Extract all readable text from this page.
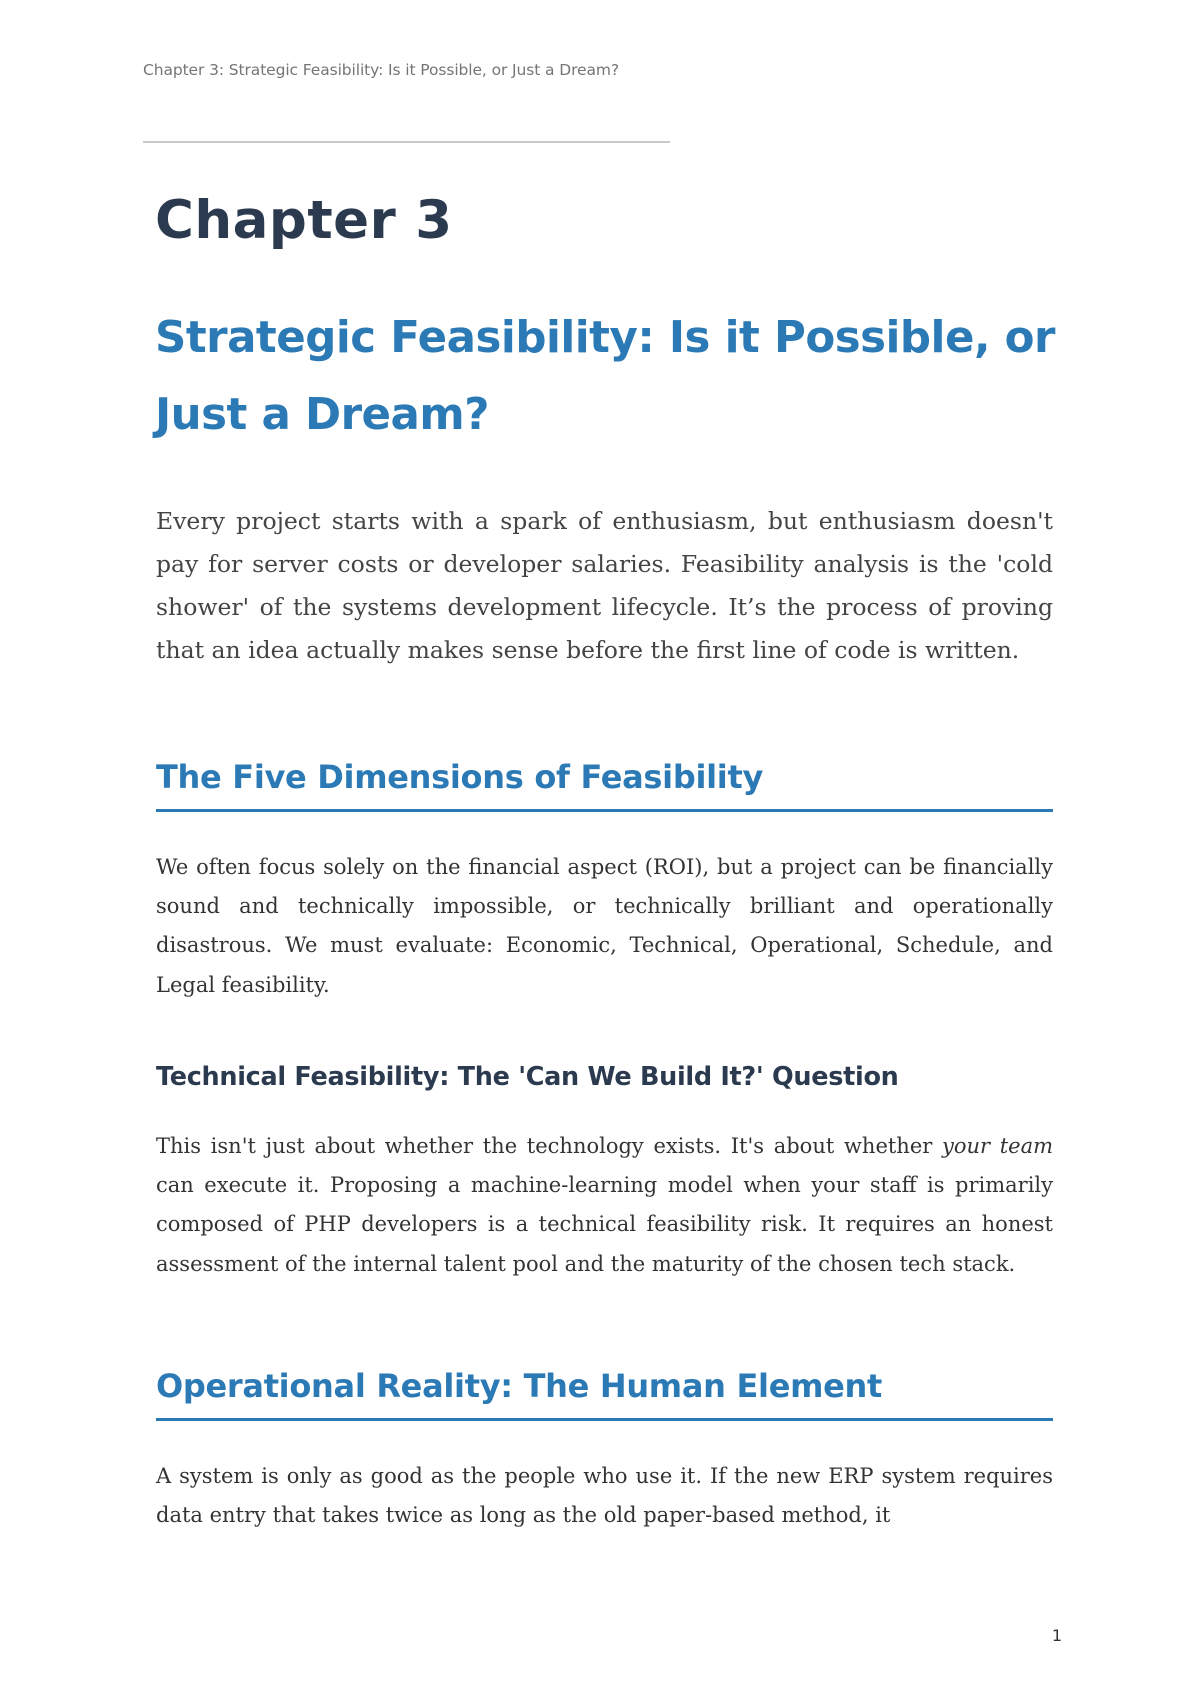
Chapter 3: Strategic Feasibility: Is it Possible, or Just a Dream?
Chapter 3
Strategic Feasibility: Is it Possible, or Just a Dream?

Every project starts with a spark of enthusiasm, but enthusiasm doesn't pay for server costs or developer salaries. Feasibility analysis is the 'cold shower' of the systems development lifecycle. It’s the process of proving that an idea actually makes sense before the first line of code is written.

The Five Dimensions of Feasibility

We often focus solely on the financial aspect (ROI), but a project can be financially sound and technically impossible, or technically brilliant and operationally disastrous. We must evaluate: Economic, Technical, Operational, Schedule, and Legal feasibility.

Technical Feasibility: The 'Can We Build It?' Question

This isn't just about whether the technology exists. It's about whether your team can execute it. Proposing a machine-learning model when your staff is primarily composed of PHP developers is a technical feasibility risk. It requires an honest assessment of the internal talent pool and the maturity of the chosen tech stack.

Operational Reality: The Human Element

A system is only as good as the people who use it. If the new ERP system requires data entry that takes twice as long as the old paper-based method, it

1
